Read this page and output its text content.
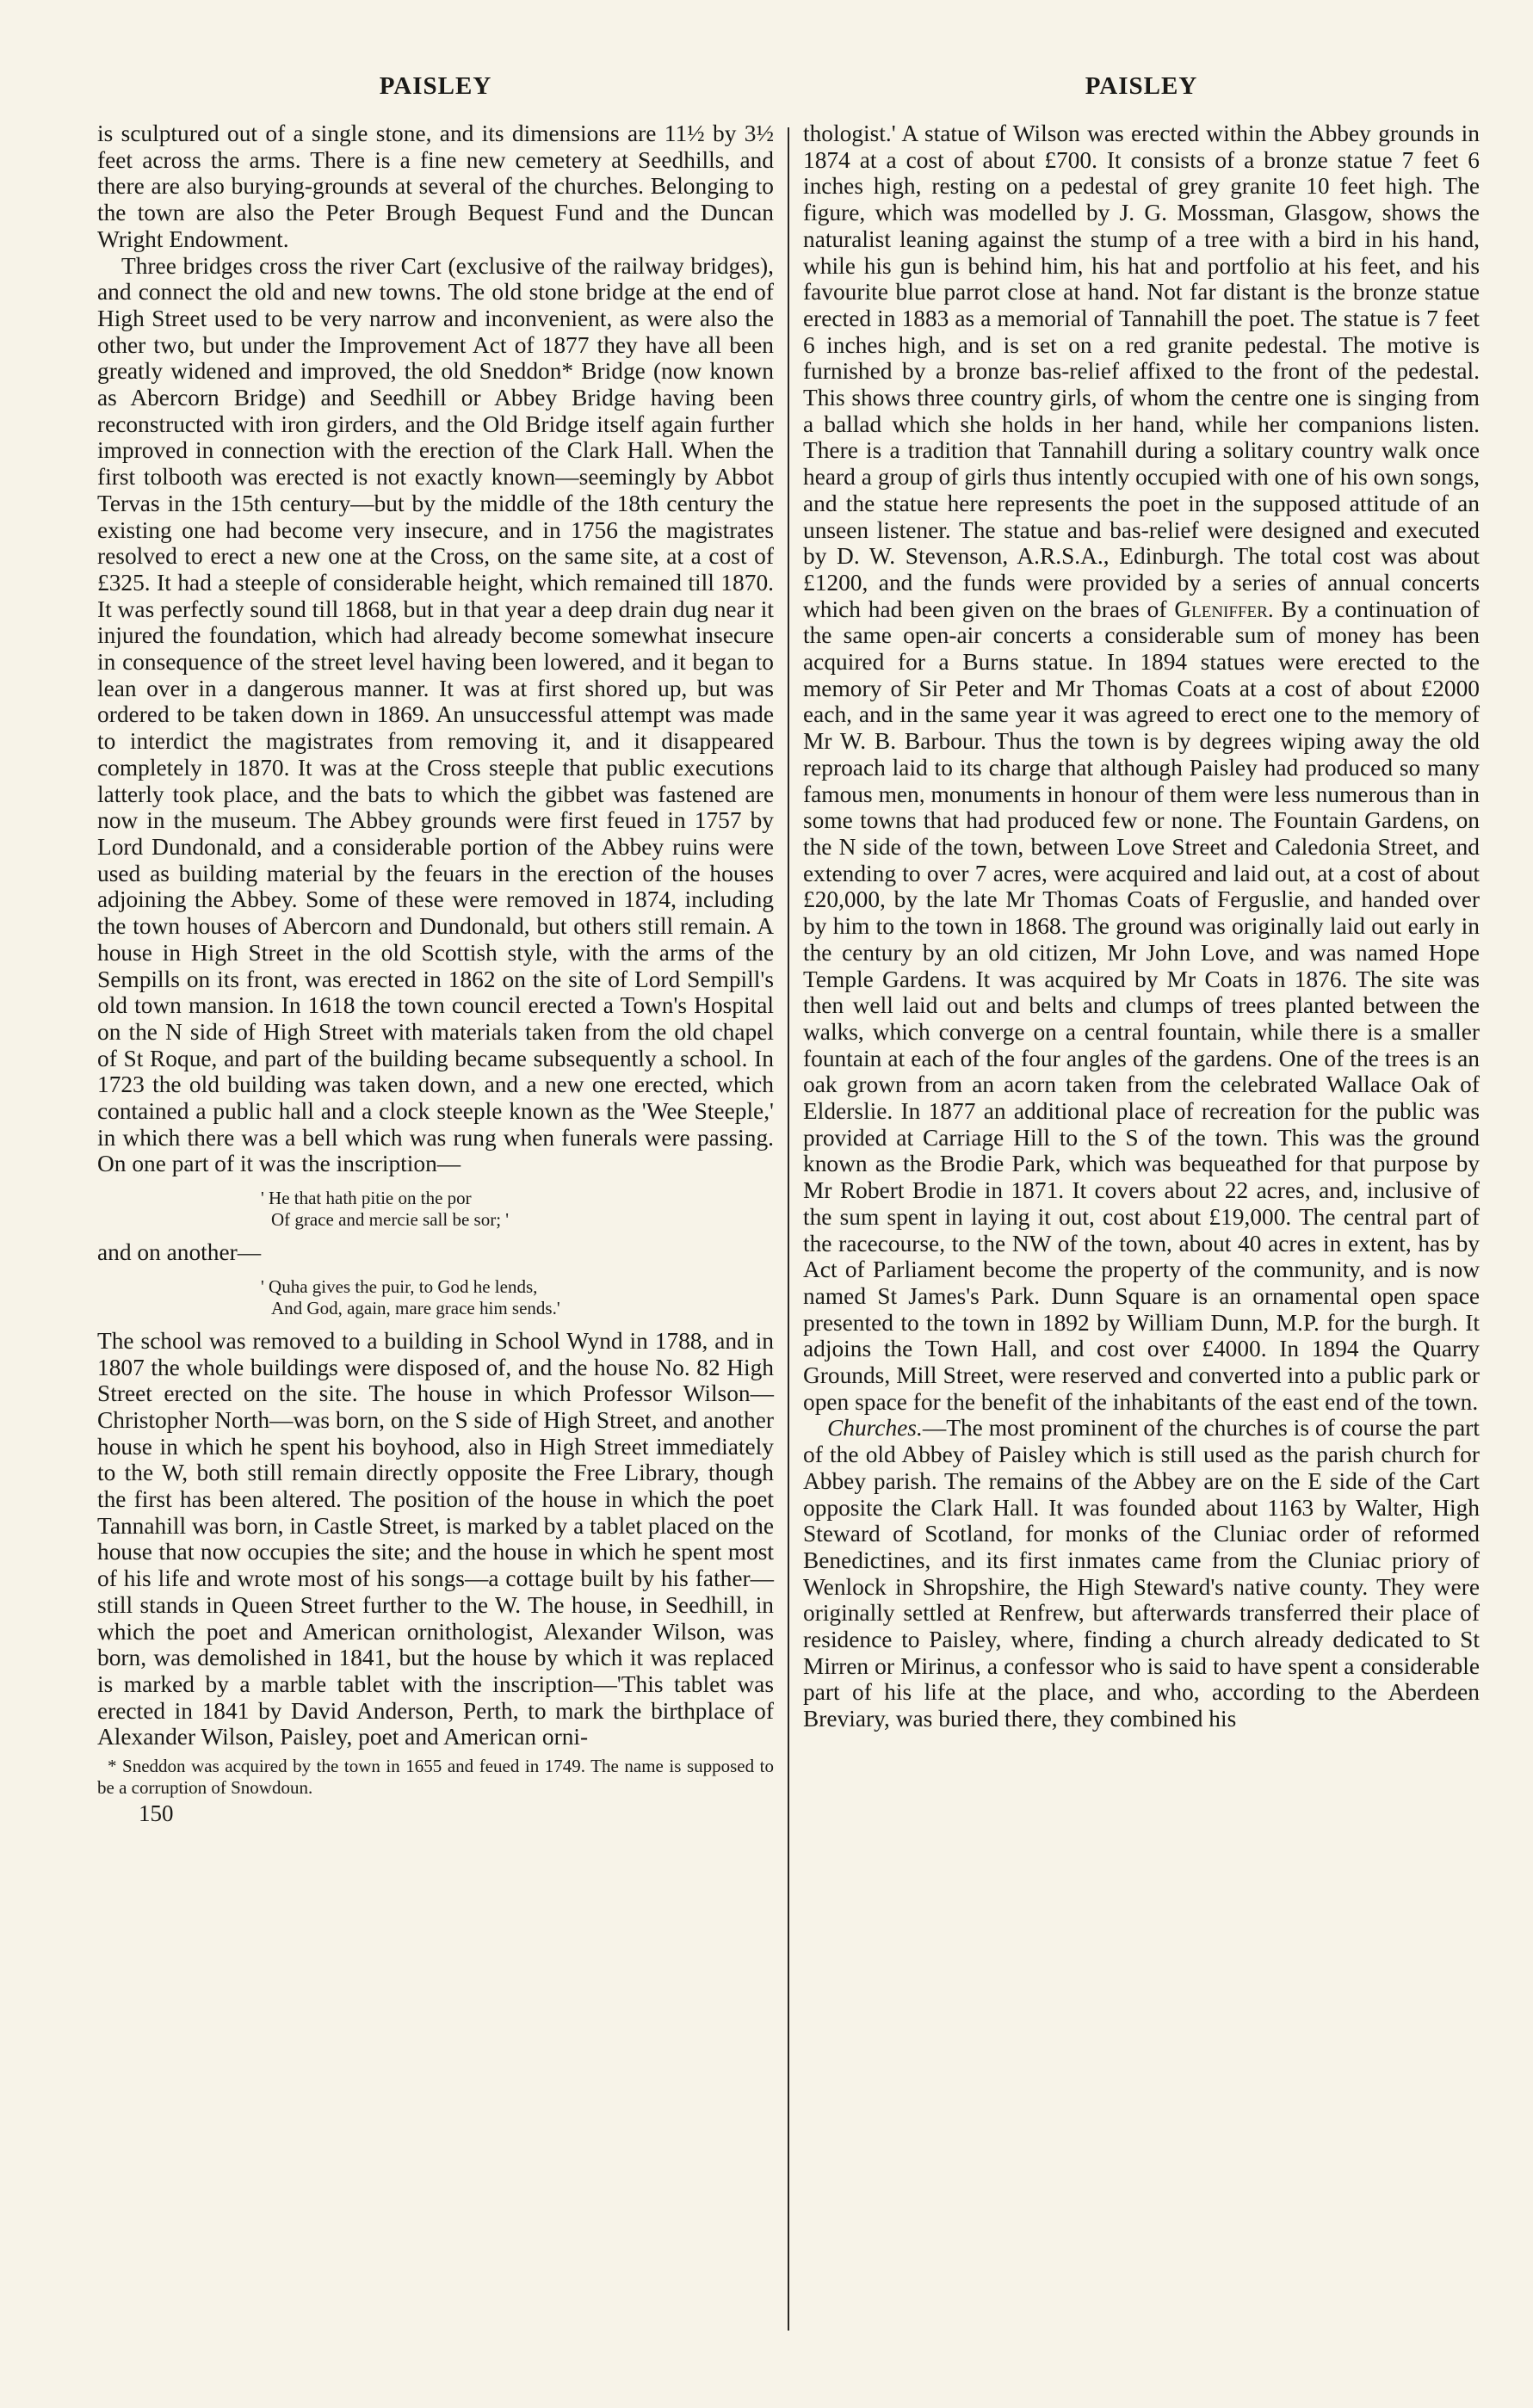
PAISLEY

is sculptured out of a single stone, and its dimensions are 11½ by 3½ feet across the arms. There is a fine new cemetery at Seedhills, and there are also burying-grounds at several of the churches. Belonging to the town are also the Peter Brough Bequest Fund and the Duncan Wright Endowment.

Three bridges cross the river Cart (exclusive of the railway bridges), and connect the old and new towns. The old stone bridge at the end of High Street used to be very narrow and inconvenient, as were also the other two, but under the Improvement Act of 1877 they have all been greatly widened and improved, the old Sneddon* Bridge (now known as Abercorn Bridge) and Seedhill or Abbey Bridge having been reconstructed with iron girders, and the Old Bridge itself again further improved in connection with the erection of the Clark Hall. When the first tolbooth was erected is not exactly known—seemingly by Abbot Tervas in the 15th century—but by the middle of the 18th century the existing one had become very insecure, and in 1756 the magistrates resolved to erect a new one at the Cross, on the same site, at a cost of £325. It had a steeple of considerable height, which remained till 1870. It was perfectly sound till 1868, but in that year a deep drain dug near it injured the foundation, which had already become somewhat insecure in consequence of the street level having been lowered, and it began to lean over in a dangerous manner. It was at first shored up, but was ordered to be taken down in 1869. An unsuccessful attempt was made to interdict the magistrates from removing it, and it disappeared completely in 1870. It was at the Cross steeple that public executions latterly took place, and the bats to which the gibbet was fastened are now in the museum. The Abbey grounds were first feued in 1757 by Lord Dundonald, and a considerable portion of the Abbey ruins were used as building material by the feuars in the erection of the houses adjoining the Abbey. Some of these were removed in 1874, including the town houses of Abercorn and Dundonald, but others still remain. A house in High Street in the old Scottish style, with the arms of the Sempills on its front, was erected in 1862 on the site of Lord Sempill's old town mansion. In 1618 the town council erected a Town's Hospital on the N side of High Street with materials taken from the old chapel of St Roque, and part of the building became subsequently a school. In 1723 the old building was taken down, and a new one erected, which contained a public hall and a clock steeple known as the 'Wee Steeple,' in which there was a bell which was rung when funerals were passing. On one part of it was the inscription—

' He that hath pitie on the por
Of grace and mercie sall be sor; '

and on another—

' Quha gives the puir, to God he lends,
And God, again, mare grace him sends.'

The school was removed to a building in School Wynd in 1788, and in 1807 the whole buildings were disposed of, and the house No. 82 High Street erected on the site. The house in which Professor Wilson—Christopher North—was born, on the S side of High Street, and another house in which he spent his boyhood, also in High Street immediately to the W, both still remain directly opposite the Free Library, though the first has been altered. The position of the house in which the poet Tannahill was born, in Castle Street, is marked by a tablet placed on the house that now occupies the site; and the house in which he spent most of his life and wrote most of his songs—a cottage built by his father—still stands in Queen Street further to the W. The house, in Seedhill, in which the poet and American ornithologist, Alexander Wilson, was born, was demolished in 1841, but the house by which it was replaced is marked by a marble tablet with the inscription—'This tablet was erected in 1841 by David Anderson, Perth, to mark the birthplace of Alexander Wilson, Paisley, poet and American orni-

* Sneddon was acquired by the town in 1655 and feued in 1749. The name is supposed to be a corruption of Snowdoun.
150
PAISLEY

thologist.' A statue of Wilson was erected within the Abbey grounds in 1874 at a cost of about £700. It consists of a bronze statue 7 feet 6 inches high, resting on a pedestal of grey granite 10 feet high. The figure, which was modelled by J. G. Mossman, Glasgow, shows the naturalist leaning against the stump of a tree with a bird in his hand, while his gun is behind him, his hat and portfolio at his feet, and his favourite blue parrot close at hand. Not far distant is the bronze statue erected in 1883 as a memorial of Tannahill the poet. The statue is 7 feet 6 inches high, and is set on a red granite pedestal. The motive is furnished by a bronze bas-relief affixed to the front of the pedestal. This shows three country girls, of whom the centre one is singing from a ballad which she holds in her hand, while her companions listen. There is a tradition that Tannahill during a solitary country walk once heard a group of girls thus intently occupied with one of his own songs, and the statue here represents the poet in the supposed attitude of an unseen listener. The statue and bas-relief were designed and executed by D. W. Stevenson, A.R.S.A., Edinburgh. The total cost was about £1200, and the funds were provided by a series of annual concerts which had been given on the braes of Gleniffer. By a continuation of the same open-air concerts a considerable sum of money has been acquired for a Burns statue. In 1894 statues were erected to the memory of Sir Peter and Mr Thomas Coats at a cost of about £2000 each, and in the same year it was agreed to erect one to the memory of Mr W. B. Barbour. Thus the town is by degrees wiping away the old reproach laid to its charge that although Paisley had produced so many famous men, monuments in honour of them were less numerous than in some towns that had produced few or none. The Fountain Gardens, on the N side of the town, between Love Street and Caledonia Street, and extending to over 7 acres, were acquired and laid out, at a cost of about £20,000, by the late Mr Thomas Coats of Ferguslie, and handed over by him to the town in 1868. The ground was originally laid out early in the century by an old citizen, Mr John Love, and was named Hope Temple Gardens. It was acquired by Mr Coats in 1876. The site was then well laid out and belts and clumps of trees planted between the walks, which converge on a central fountain, while there is a smaller fountain at each of the four angles of the gardens. One of the trees is an oak grown from an acorn taken from the celebrated Wallace Oak of Elderslie. In 1877 an additional place of recreation for the public was provided at Carriage Hill to the S of the town. This was the ground known as the Brodie Park, which was bequeathed for that purpose by Mr Robert Brodie in 1871. It covers about 22 acres, and, inclusive of the sum spent in laying it out, cost about £19,000. The central part of the racecourse, to the NW of the town, about 40 acres in extent, has by Act of Parliament become the property of the community, and is now named St James's Park. Dunn Square is an ornamental open space presented to the town in 1892 by William Dunn, M.P. for the burgh. It adjoins the Town Hall, and cost over £4000. In 1894 the Quarry Grounds, Mill Street, were reserved and converted into a public park or open space for the benefit of the inhabitants of the east end of the town.

Churches.—The most prominent of the churches is of course the part of the old Abbey of Paisley which is still used as the parish church for Abbey parish. The remains of the Abbey are on the E side of the Cart opposite the Clark Hall. It was founded about 1163 by Walter, High Steward of Scotland, for monks of the Cluniac order of reformed Benedictines, and its first inmates came from the Cluniac priory of Wenlock in Shropshire, the High Steward's native county. They were originally settled at Renfrew, but afterwards transferred their place of residence to Paisley, where, finding a church already dedicated to St Mirren or Mirinus, a confessor who is said to have spent a considerable part of his life at the place, and who, according to the Aberdeen Breviary, was buried there, they combined his
